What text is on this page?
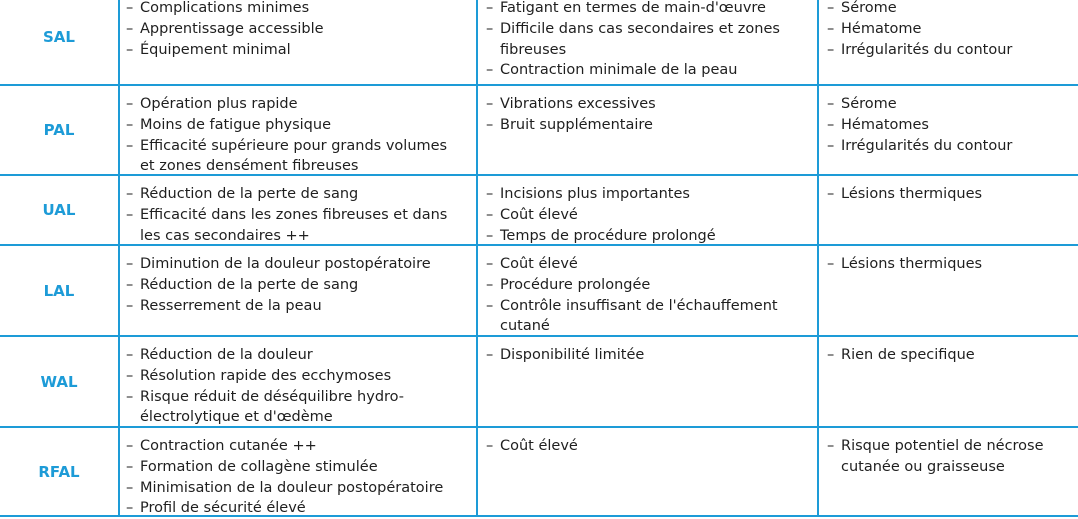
SAL
– Complications minimes
– Apprentissage accessible
– Équipement minimal
– Fatigant en termes de main-d'œuvre
– Difficile dans cas secondaires et zones
fibreuses
– Contraction minimale de la peau
– Sérome
– Hématome
– Irrégularités du contour
PAL
– Opération plus rapide
– Moins de fatigue physique
– Efficacité supérieure pour grands volumes
et zones densément fibreuses
– Vibrations excessives
– Bruit supplémentaire
– Sérome
– Hématomes
– Irrégularités du contour
UAL
– Réduction de la perte de sang
– Efficacité dans les zones fibreuses et dans
les cas secondaires ++
– Incisions plus importantes
– Coût élevé
– Temps de procédure prolongé
– Lésions thermiques
LAL
– Diminution de la douleur postopératoire
– Réduction de la perte de sang
– Resserrement de la peau
– Coût élevé
– Procédure prolongée
– Contrôle insuffisant de l'échauffement
cutané
– Lésions thermiques
WAL
– Réduction de la douleur
– Résolution rapide des ecchymoses
– Risque réduit de déséquilibre hydro-
électrolytique et d'œdème
– Disponibilité limitée	– Rien de specifique
RFAL
– Contraction cutanée ++
– Formation de collagène stimulée
– Minimisation de la douleur postopératoire
– Profil de sécurité élevé
– Coût élevé	– Risque potentiel de nécrose
cutanée ou graisseuse
